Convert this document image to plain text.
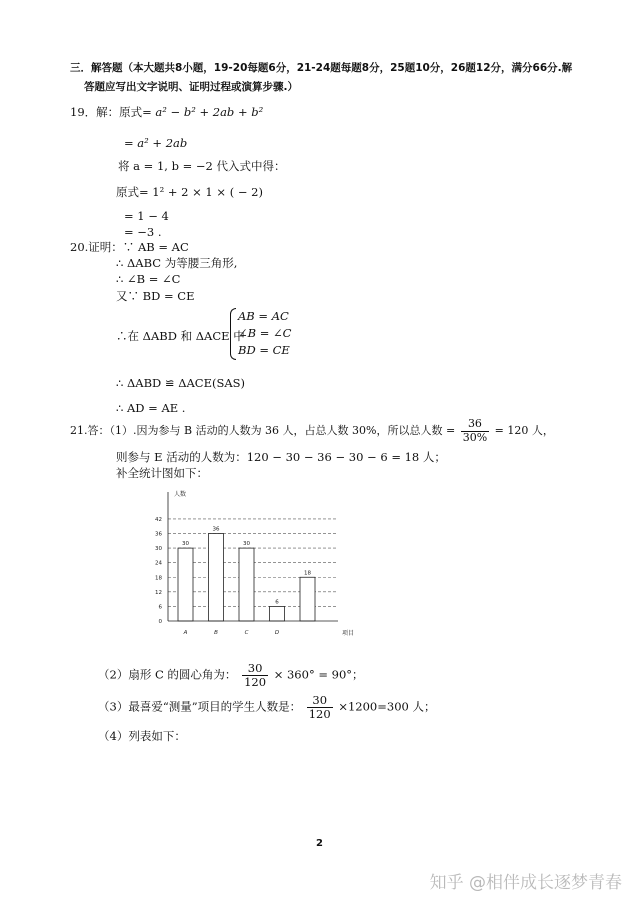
三．解答题（本大题共8小题，19-20每题6分，21-24题每题8分，25题10分，26题12分，满分66分.解
答题应写出文字说明、证明过程或演算步骤.）
19．解：原式= a² − b² + 2ab + b²
= a² + 2ab
将 a = 1, b = −2 代入式中得：
原式= 1² + 2 × 1 × ( − 2)
= 1 − 4
= −3 .
20.证明：∵ AB = AC
∴ ΔABC 为等腰三角形,
∴ ∠B = ∠C
又∵ BD = CE
∴在 ΔABD 和 ΔACE 中
AB = AC
∠B = ∠C
BD = CE
∴ ΔABD ≌ ΔACE(SAS)
∴ AD = AE .
21.答：（1）.因为参与 B 活动的人数为 36 人，占总人数 30%，所以总人数 = $\frac{36}{30\%} = 120$ 人，
则参与 E 活动的人数为：120 − 30 − 36 − 30 − 6 = 18 人；
补全统计图如下：
30
36
30
6
18
0
6
12
18
24
30
36
42
人数
项目
A	B	C	D
（2）扇形 C 的圆心角为： $\frac{30}{120} \times 360^\circ = 90^\circ$；
（3）最喜爱“测量”项目的学生人数是： $\frac{30}{120} \times 1200=300$ 人；
（4）列表如下：
2
知乎 @相伴成长逐梦青春
